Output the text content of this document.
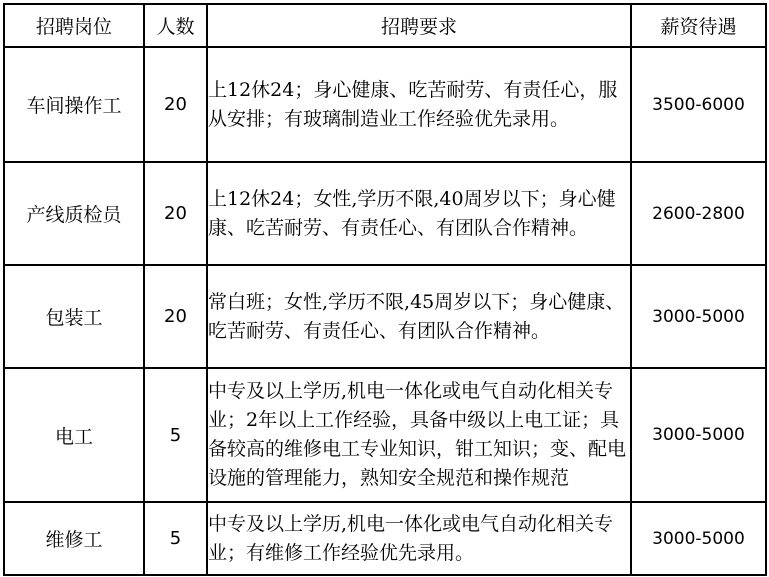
招聘岗位	人数	招聘要求	薪资待遇
车间操作工	20	上12休24；身心健康、吃苦耐劳、有责任心，服从安排；有玻璃制造业工作经验优先录用。	3500-6000
产线质检员	20	上12休24；女性,学历不限,40周岁以下；身心健康、吃苦耐劳、有责任心、有团队合作精神。	2600-2800
包装工	20	常白班；女性,学历不限,45周岁以下；身心健康、吃苦耐劳、有责任心、有团队合作精神。	3000-5000
电工	5	中专及以上学历,机电一体化或电气自动化相关专业；2年以上工作经验，具备中级以上电工证；具备较高的维修电工专业知识，钳工知识；变、配电设施的管理能力，熟知安全规范和操作规范	3000-5000
维修工	5	中专及以上学历,机电一体化或电气自动化相关专业；有维修工作经验优先录用。	3000-5000
